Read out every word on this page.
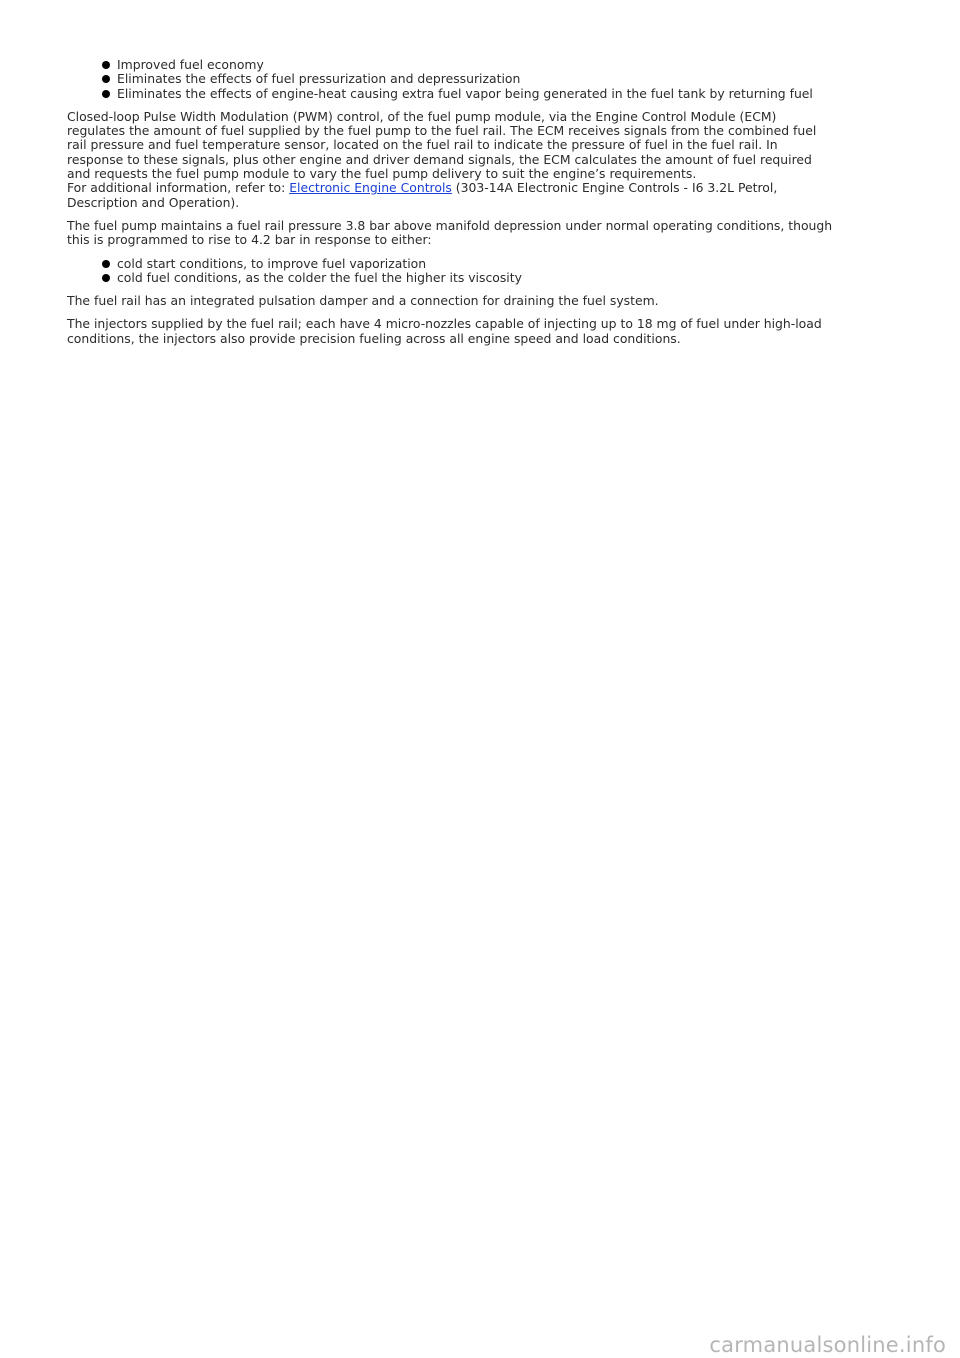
Improved fuel economy
Eliminates the effects of fuel pressurization and depressurization
Eliminates the effects of engine-heat causing extra fuel vapor being generated in the fuel tank by returning fuel

Closed-loop Pulse Width Modulation (PWM) control, of the fuel pump module, via the Engine Control Module (ECM)
regulates the amount of fuel supplied by the fuel pump to the fuel rail. The ECM receives signals from the combined fuel
rail pressure and fuel temperature sensor, located on the fuel rail to indicate the pressure of fuel in the fuel rail. In
response to these signals, plus other engine and driver demand signals, the ECM calculates the amount of fuel required
and requests the fuel pump module to vary the fuel pump delivery to suit the engine’s requirements.
For additional information, refer to: Electronic Engine Controls (303-14A Electronic Engine Controls - I6 3.2L Petrol,
Description and Operation).

The fuel pump maintains a fuel rail pressure 3.8 bar above manifold depression under normal operating conditions, though
this is programmed to rise to 4.2 bar in response to either:

cold start conditions, to improve fuel vaporization
cold fuel conditions, as the colder the fuel the higher its viscosity

The fuel rail has an integrated pulsation damper and a connection for draining the fuel system.

The injectors supplied by the fuel rail; each have 4 micro-nozzles capable of injecting up to 18 mg of fuel under high-load
conditions, the injectors also provide precision fueling across all engine speed and load conditions.

carmanualsonline.info
